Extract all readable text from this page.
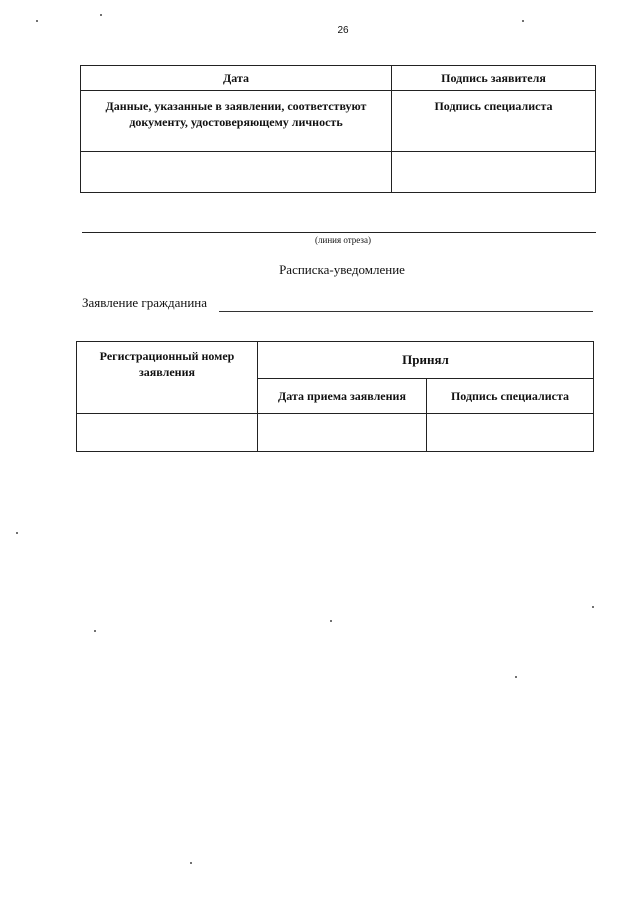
26
Дата	Подпись заявителя
Данные, указанные в заявлении, соответствуют документу, удостоверяющему личность	Подпись специалиста

(линия отреза)
Расписка-уведомление
Заявление гражданина
Регистрационный номер заявления	Принял	
	Дата приема заявления	Подпись специалиста
